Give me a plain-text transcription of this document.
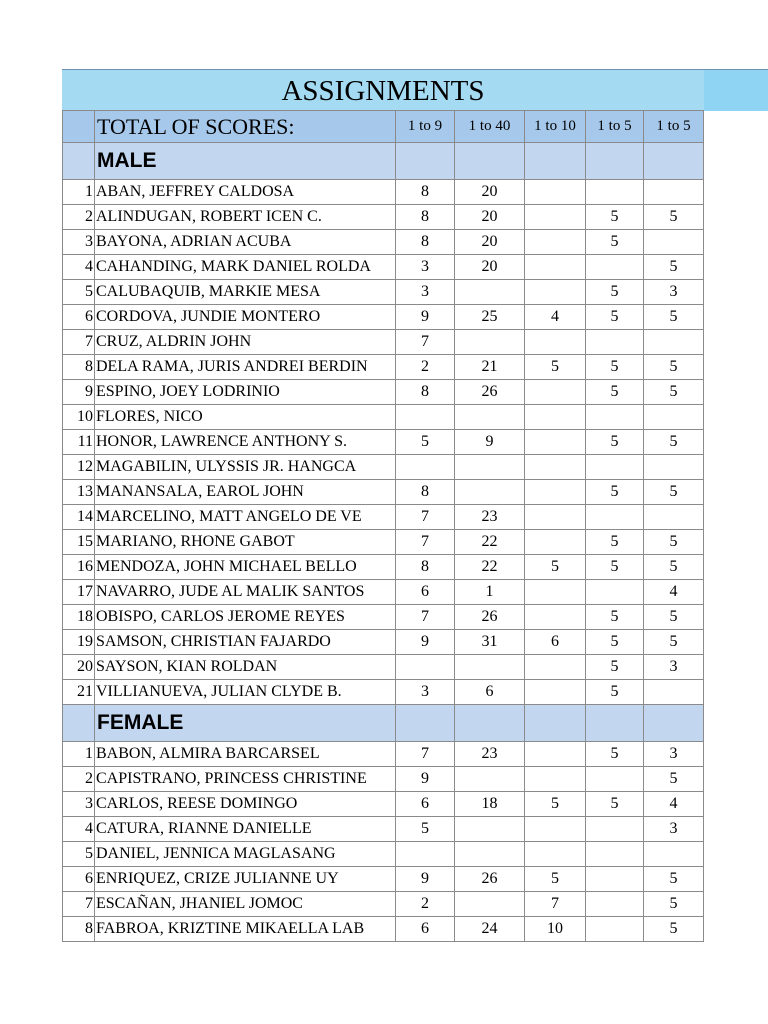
ASSIGNMENTS
	TOTAL OF SCORES:	1 to 9	1 to 40	1 to 10	1 to 5	1 to 5
	MALE					
1	ABAN, JEFFREY CALDOSA	8	20			
2	ALINDUGAN, ROBERT ICEN C.	8	20		5	5
3	BAYONA, ADRIAN ACUBA	8	20		5	
4	CAHANDING, MARK DANIEL ROLDA	3	20			5
5	CALUBAQUIB, MARKIE MESA	3			5	3
6	CORDOVA, JUNDIE MONTERO	9	25	4	5	5
7	CRUZ, ALDRIN JOHN	7				
8	DELA RAMA, JURIS ANDREI BERDIN	2	21	5	5	5
9	ESPINO, JOEY LODRINIO	8	26		5	5
10	FLORES, NICO					
11	HONOR, LAWRENCE ANTHONY S.	5	9		5	5
12	MAGABILIN, ULYSSIS JR. HANGCA					
13	MANANSALA, EAROL JOHN	8			5	5
14	MARCELINO, MATT ANGELO DE VE	7	23			
15	MARIANO, RHONE GABOT	7	22		5	5
16	MENDOZA, JOHN MICHAEL BELLO	8	22	5	5	5
17	NAVARRO, JUDE AL MALIK SANTOS	6	1			4
18	OBISPO, CARLOS JEROME REYES	7	26		5	5
19	SAMSON, CHRISTIAN FAJARDO	9	31	6	5	5
20	SAYSON, KIAN ROLDAN				5	3
21	VILLIANUEVA, JULIAN CLYDE B.	3	6		5	
	FEMALE					
1	BABON, ALMIRA BARCARSEL	7	23		5	3
2	CAPISTRANO, PRINCESS CHRISTINE	9				5
3	CARLOS, REESE DOMINGO	6	18	5	5	4
4	CATURA, RIANNE DANIELLE	5				3
5	DANIEL, JENNICA MAGLASANG					
6	ENRIQUEZ, CRIZE JULIANNE UY	9	26	5		5
7	ESCAÑAN, JHANIEL JOMOC	2		7		5
8	FABROA, KRIZTINE MIKAELLA LAB	6	24	10		5
